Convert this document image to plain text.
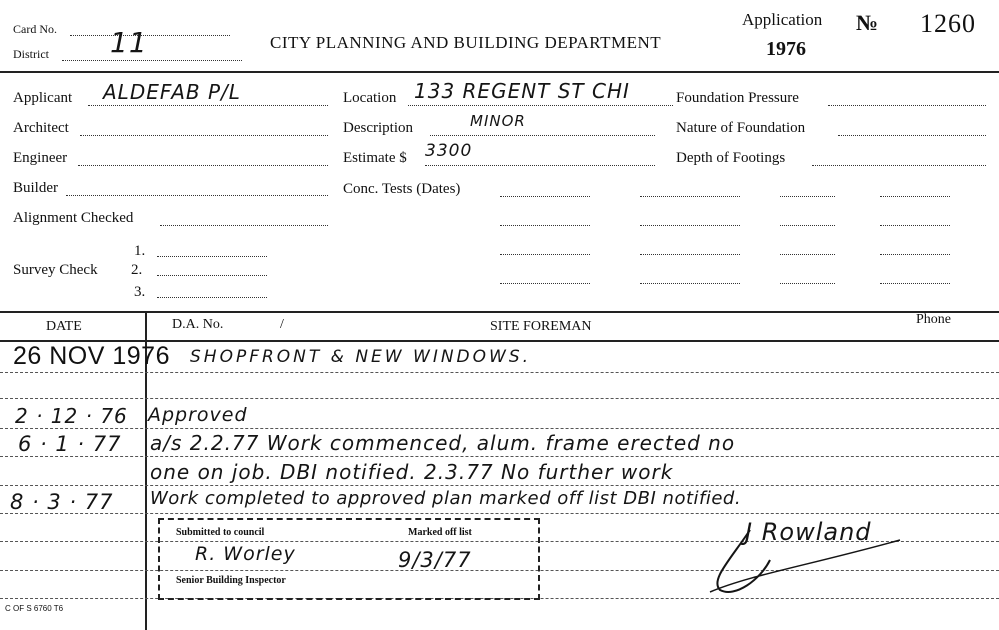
Card No.
District 11	CITY PLANNING AND BUILDING DEPARTMENT
Application
1976
№ 1260
Applicant ALDEFAB P/L
Architect
Engineer
Builder
Alignment Checked
Survey Check
1.
2.
3.
Location 133 REGENT ST CHI
Description	MINOR
Estimate $ 3300
Conc. Tests (Dates)
Foundation Pressure
Nature of Foundation
Depth of Footings
DATE	D.A. No.	/	SITE FOREMAN	Phone
26 NOV 1976 SHOPFRONT & NEW WINDOWS.
2 · 12 · 76 Approved
6 · 1 · 77 a/s 2.2.77 Work commenced, alum. frame erected no
one on job. DBI notified. 2.3.77 No further work
8 · 3 · 77 Work completed to approved plan marked off list DBI notified.
Submitted to council	Marked off list
R. Worley	9/3/77
Senior Building Inspector
J Rowland
C OF S 6760 T6
